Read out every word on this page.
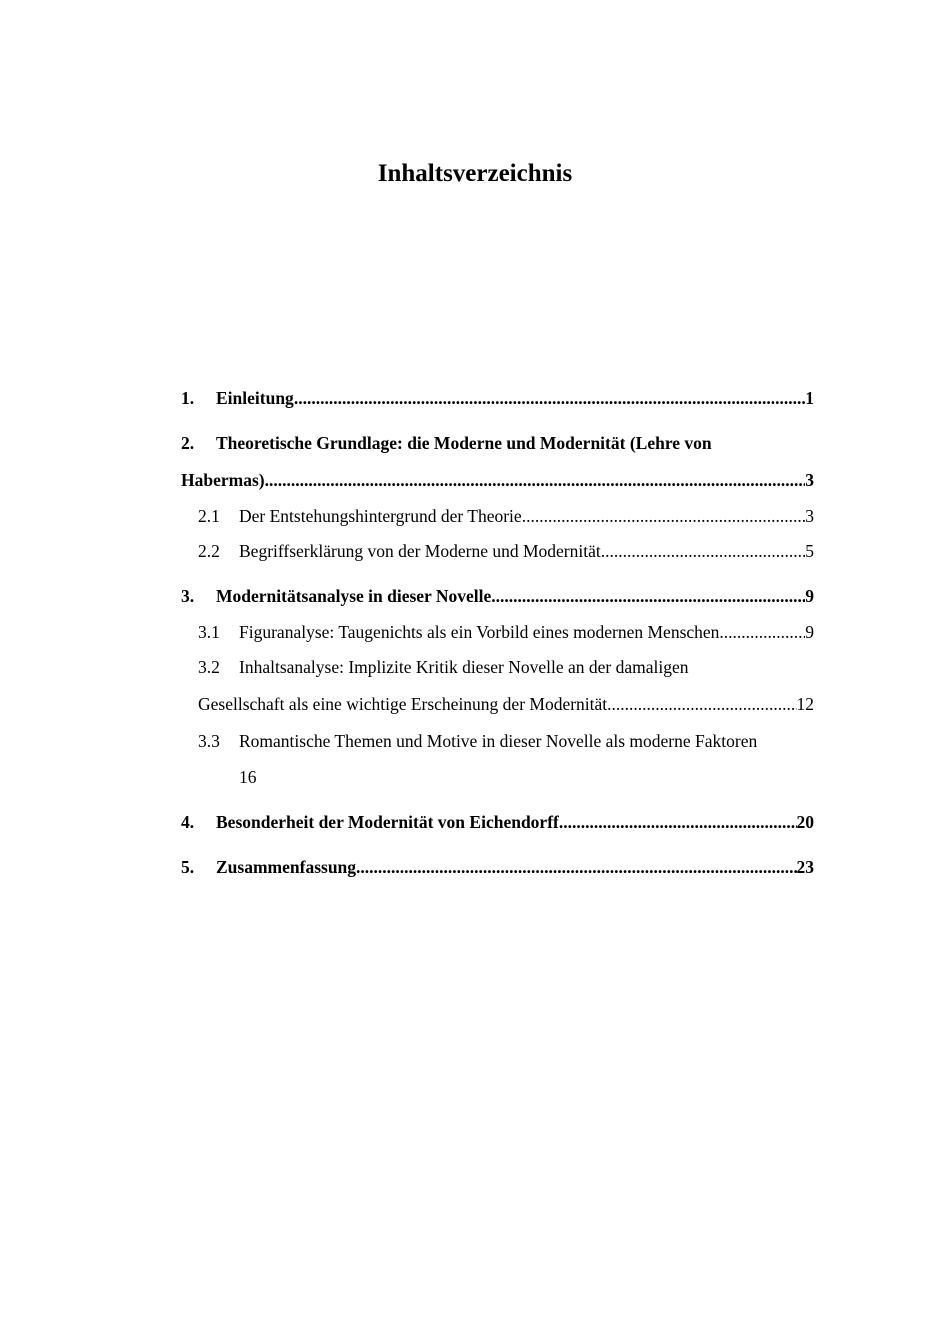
Inhaltsverzeichnis
1.	Einleitung .....	1
2.	Theoretische Grundlage: die Moderne und Modernität (Lehre von
Habermas) .....	3
2.1	Der Entstehungshintergrund der Theorie .....	3
2.2	Begriffserklärung von der Moderne und Modernität .....	5
3.	Modernitätsanalyse in dieser Novelle .....	9
3.1	Figuranalyse: Taugenichts als ein Vorbild eines modernen Menschen .....	9
3.2	Inhaltsanalyse: Implizite Kritik dieser Novelle an der damaligen
Gesellschaft als eine wichtige Erscheinung der Modernität .....	12
3.3	Romantische Themen und Motive in dieser Novelle als moderne Faktoren
16
4.	Besonderheit der Modernität von Eichendorff .....	20
5.	Zusammenfassung .....	23
